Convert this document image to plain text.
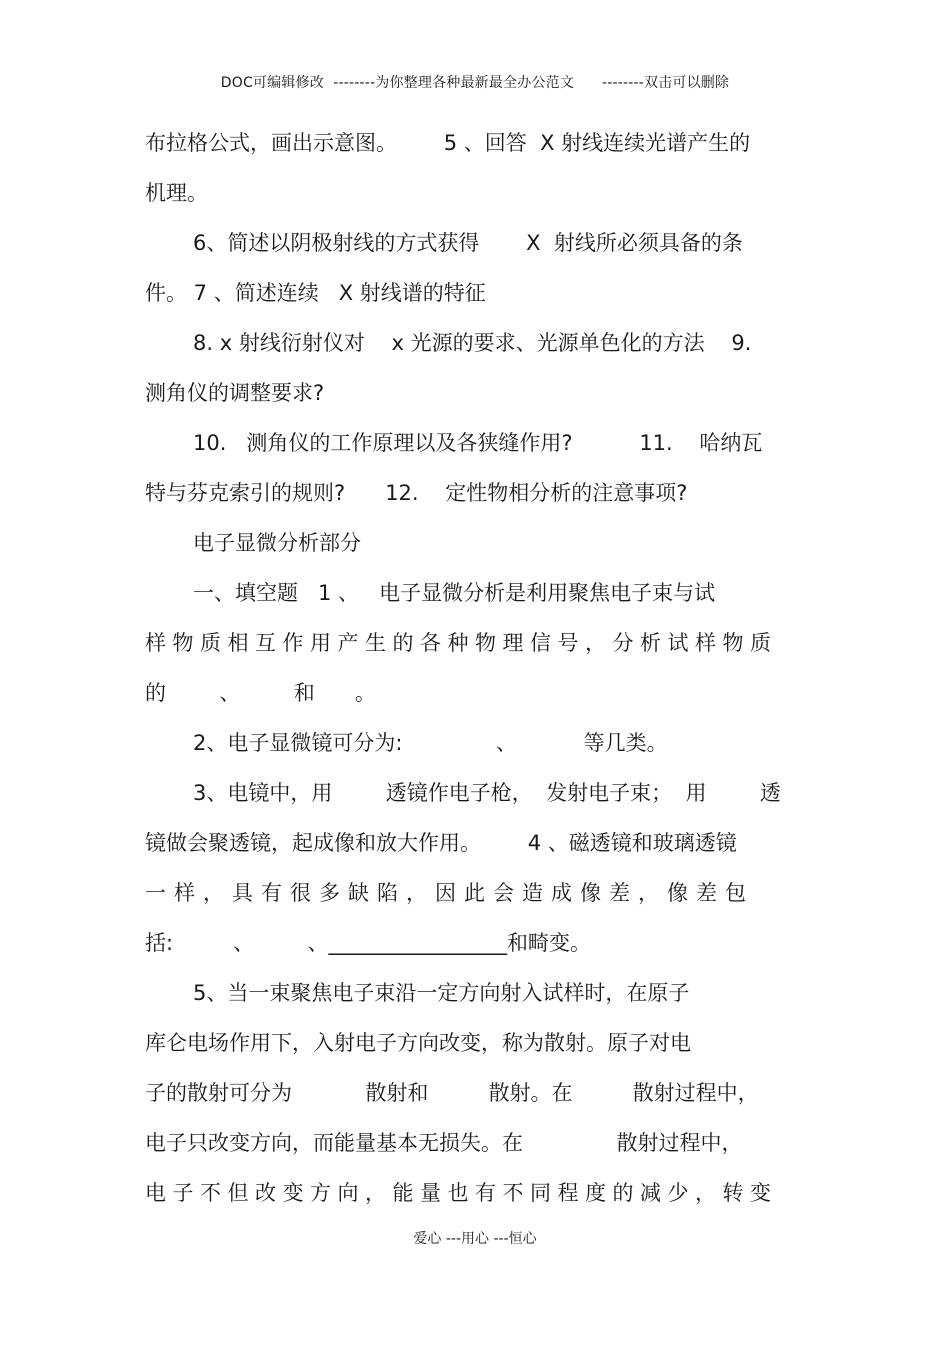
DOC可编辑修改  --------为你整理各种最新最全办公范文      --------双击可以删除
布拉格公式，画出示意图。       5 、回答  X 射线连续光谱产生的
机理。
6、简述以阴极射线的方式获得       X  射线所必须具备的条
件。 7 、简述连续   X 射线谱的特征
8. x 射线衍射仪对    x 光源的要求、光源单色化的方法    9.
测角仪的调整要求?
10.   测角仪的工作原理以及各狭缝作用?          11.    哈纳瓦
特与芬克索引的规则?      12.    定性物相分析的注意事项?
电子显微分析部分
一、填空题   1 、   电子显微分析是利用聚焦电子束与试
样物质相互作用产生的各种物理信号，分析试样物质
的        、        和      。
2、电子显微镜可分为:              、          等几类。
3、电镜中，用        透镜作电子枪，  发射电子束；  用        透
镜做会聚透镜，起成像和放大作用。       4 、磁透镜和玻璃透镜
一样，具有很多缺陷，因此会造成像差，像差包
括:         、        、_________________和畸变。
5、当一束聚焦电子束沿一定方向射入试样时，在原子
库仑电场作用下，入射电子方向改变，称为散射。原子对电
子的散射可分为           散射和         散射。在         散射过程中，
电子只改变方向，而能量基本无损失。在              散射过程中，
电子不但改变方向，能量也有不同程度的减少，转变
爱心 ---用心 ---恒心
